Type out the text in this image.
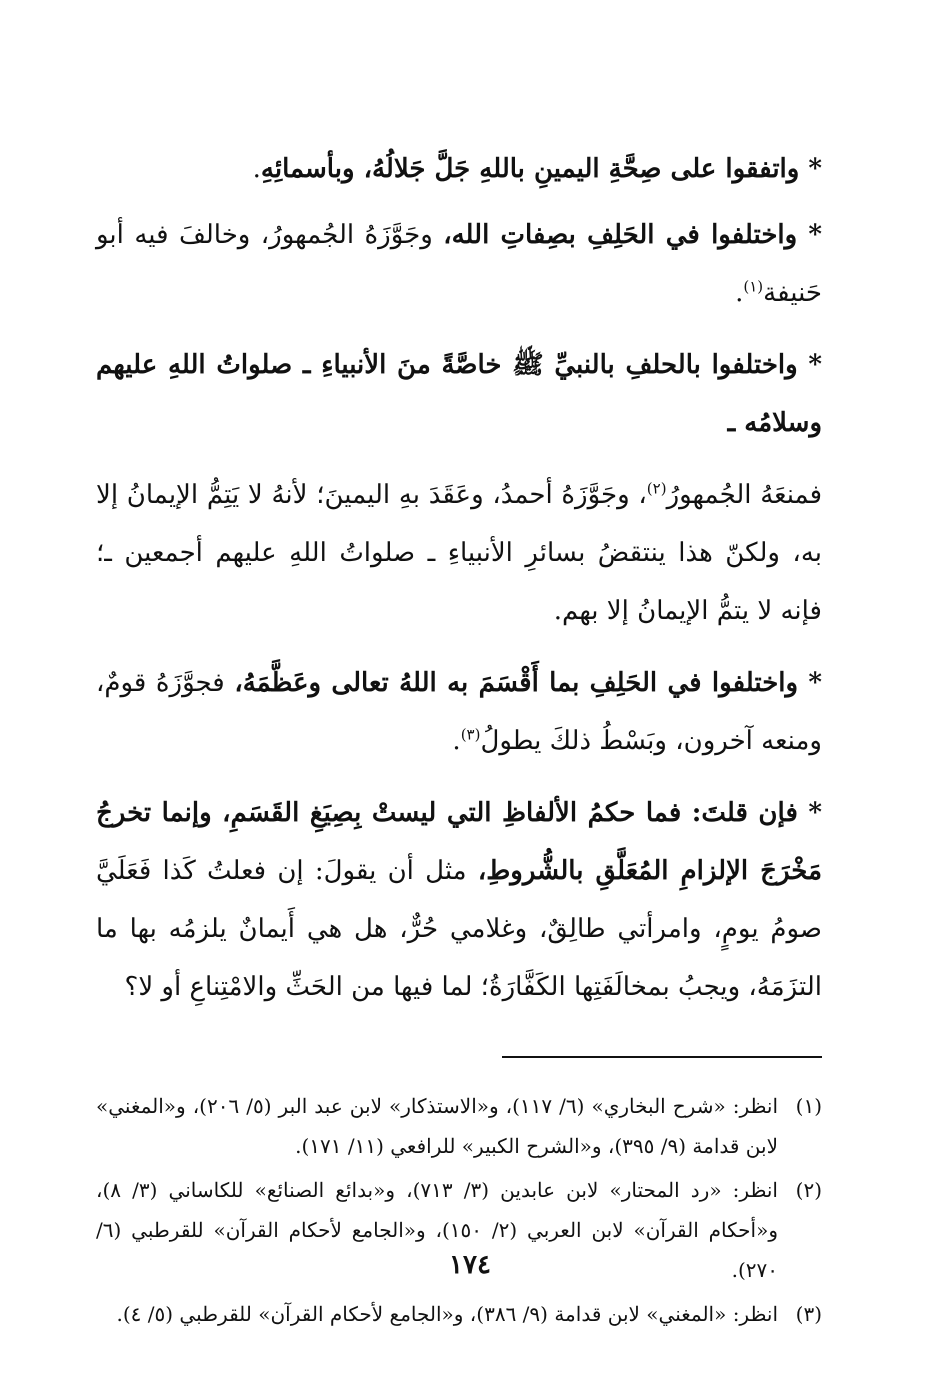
* واتفقوا على صِحَّةِ اليمينِ باللهِ جَلَّ جَلالُهُ، وبأسمائِهِ.

* واختلفوا في الحَلِفِ بصِفاتِ الله، وجَوَّزَهُ الجُمهورُ، وخالفَ فيه أبو حَنيفة$^{(١)}$.

* واختلفوا بالحلفِ بالنبيِّ ﷺ خاصَّةً منَ الأنبياءِ ـ صلواتُ اللهِ عليهم وسلامُه ـ

فمنعَهُ الجُمهورُ$^{(٢)}$، وجَوَّزَهُ أحمدُ، وعَقَدَ بهِ اليمينَ؛ لأنهُ لا يَتِمُّ الإيمانُ إلا به، ولكنّ هذا ينتقضُ بسائرِ الأنبياءِ ـ صلواتُ اللهِ عليهم أجمعين ـ؛ فإنه لا يتمُّ الإيمانُ إلا بهم.

* واختلفوا في الحَلِفِ بما أَقْسَمَ به اللهُ تعالى وعَظَّمَهُ، فجوَّزَهُ قومٌ، ومنعه آخرون، وبَسْطُ ذلكَ يطولُ$^{(٣)}$.

* فإن قلتَ: فما حكمُ الألفاظِ التي ليستْ بِصِيَغِ القَسَمِ، وإنما تخرجُ مَخْرَجَ الإلزامِ المُعَلَّقِ بالشُّروطِ، مثل أن يقولَ: إن فعلتُ كَذا فَعَلَيَّ صومُ يومٍ، وامرأتي طالِقٌ، وغلامي حُرٌّ، هل هي أَيمانٌ يلزمُه بها ما التزَمَهُ، ويجبُ بمخالَفَتِها الكَفَّارَةُ؛ لما فيها من الحَثِّ والامْتِناعِ أو لا؟

(١)
انظر: «شرح البخاري» (٦/ ١١٧)، و«الاستذكار» لابن عبد البر (٥/ ٢٠٦)، و«المغني» لابن قدامة (٩/ ٣٩٥)، و«الشرح الكبير» للرافعي (١١/ ١٧١).
(٢)
انظر: «رد المحتار» لابن عابدين (٣/ ٧١٣)، و«بدائع الصنائع» للكاساني (٣/ ٨)، و«أحكام القرآن» لابن العربي (٢/ ١٥٠)، و«الجامع لأحكام القرآن» للقرطبي (٦/ ٢٧٠).
(٣)
انظر: «المغني» لابن قدامة (٩/ ٣٨٦)، و«الجامع لأحكام القرآن» للقرطبي (٥/ ٤).
١٧٤
